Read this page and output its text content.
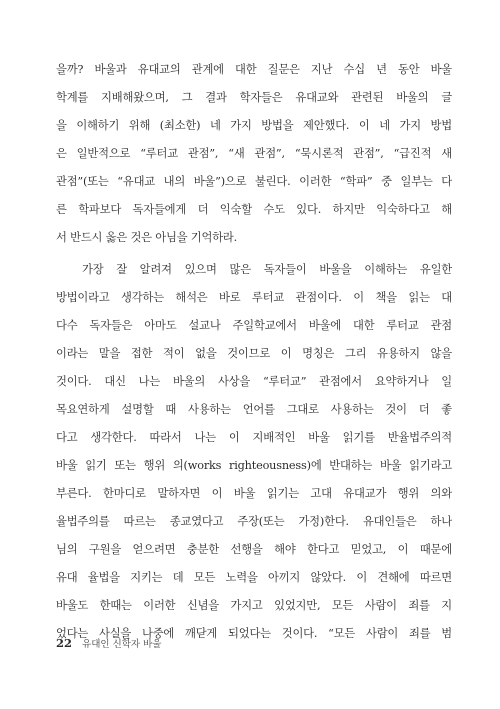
을까? 바울과 유대교의 관계에 대한 질문은 지난 수십 년 동안 바울
학계를 지배해왔으며, 그 결과 학자들은 유대교와 관련된 바울의 글
을 이해하기 위해 (최소한) 네 가지 방법을 제안했다. 이 네 가지 방법
은 일반적으로 “루터교 관점”, “새 관점”, “묵시론적 관점”, “급진적 새
관점”(또는 “유대교 내의 바울”)으로 불린다. 이러한 “학파” 중 일부는 다
른 학파보다 독자들에게 더 익숙할 수도 있다. 하지만 익숙하다고 해
서 반드시 옳은 것은 아님을 기억하라.
가장 잘 알려져 있으며 많은 독자들이 바울을 이해하는 유일한
방법이라고 생각하는 해석은 바로 루터교 관점이다. 이 책을 읽는 대
다수 독자들은 아마도 설교나 주일학교에서 바울에 대한 루터교 관점
이라는 말을 접한 적이 없을 것이므로 이 명칭은 그리 유용하지 않을
것이다. 대신 나는 바울의 사상을 “루터교” 관점에서 요약하거나 일
목요연하게 설명할 때 사용하는 언어를 그대로 사용하는 것이 더 좋
다고 생각한다. 따라서 나는 이 지배적인 바울 읽기를 반율법주의적
바울 읽기 또는 행위 의(works righteousness)에 반대하는 바울 읽기라고
부른다. 한마디로 말하자면 이 바울 읽기는 고대 유대교가 행위 의와
율법주의를 따르는 종교였다고 주장(또는 가정)한다. 유대인들은 하나
님의 구원을 얻으려면 충분한 선행을 해야 한다고 믿었고, 이 때문에
유대 율법을 지키는 데 모든 노력을 아끼지 않았다. 이 견해에 따르면
바울도 한때는 이러한 신념을 가지고 있었지만, 모든 사람이 죄를 지
었다는 사실을 나중에 깨닫게 되었다는 것이다. “모든 사람이 죄를 범
22 유대인 신학자 바울
